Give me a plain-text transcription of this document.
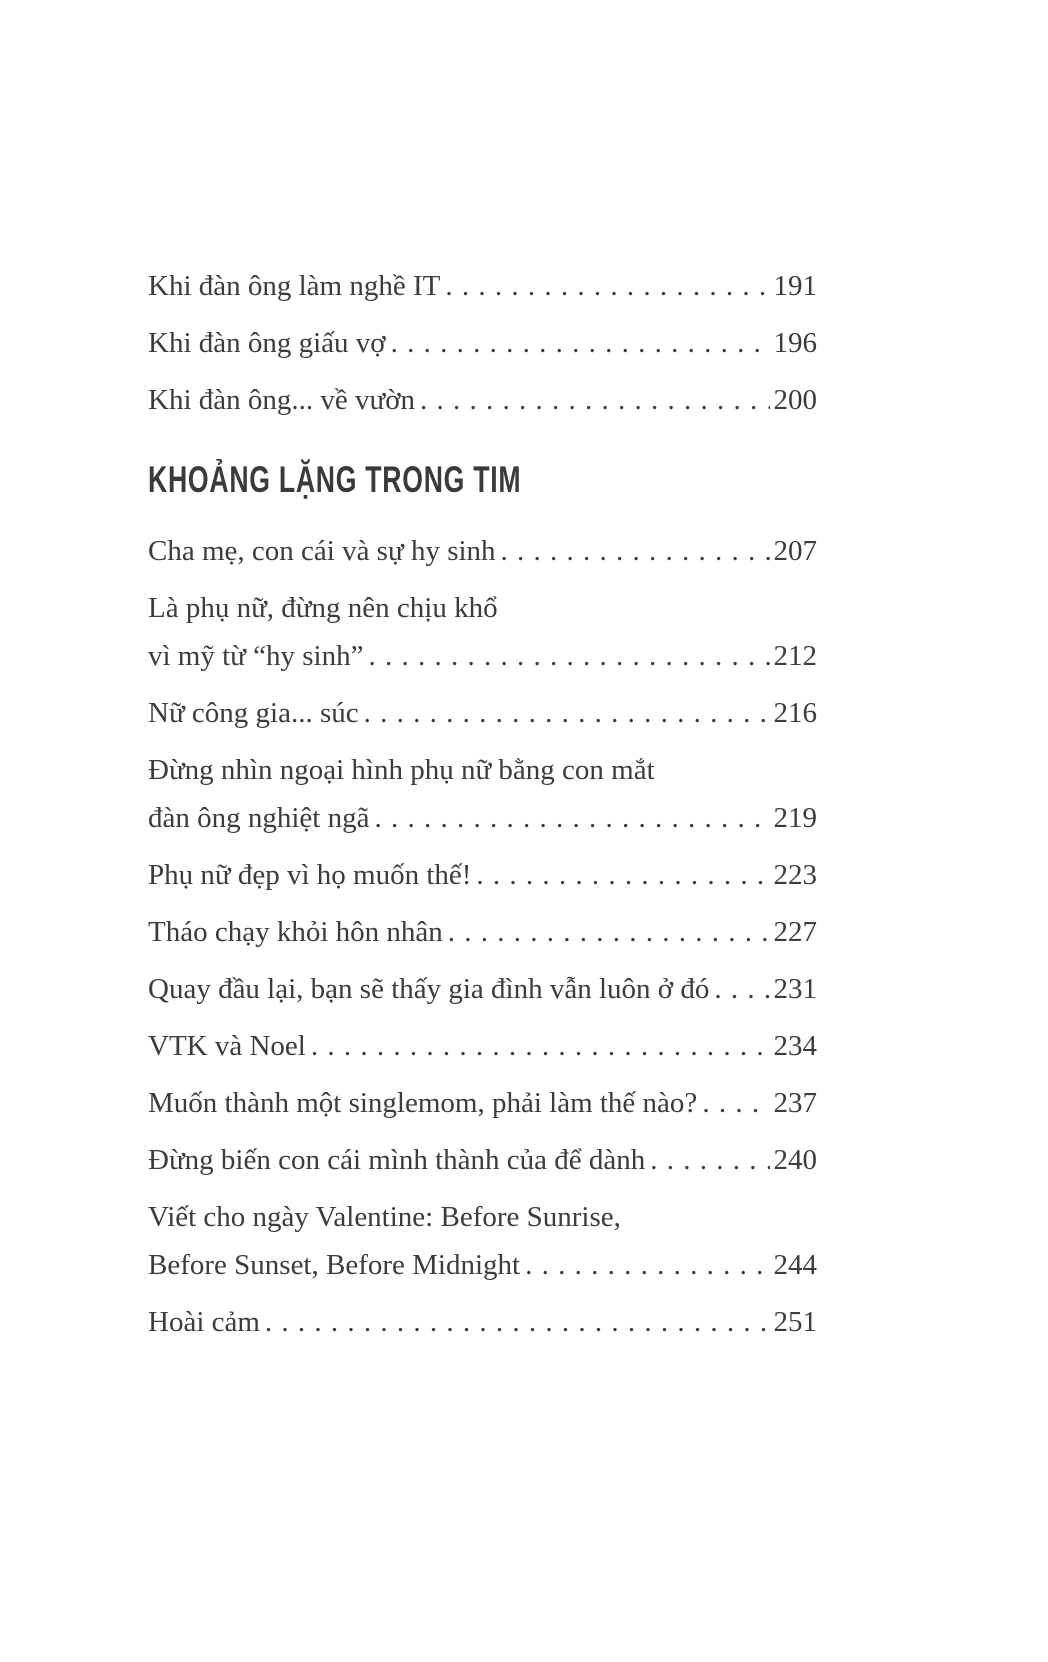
Khi đàn ông làm nghề IT . . .	191
Khi đàn ông giấu vợ . . .	196
Khi đàn ông... về vườn . . .	200
KHOẢNG LẶNG TRONG TIM
Cha mẹ, con cái và sự hy sinh . . .	207
Là phụ nữ, đừng nên chịu khổ
vì mỹ từ “hy sinh” . . .	212
Nữ công gia... súc . . .	216
Đừng nhìn ngoại hình phụ nữ bằng con mắt
đàn ông nghiệt ngã . . .	219
Phụ nữ đẹp vì họ muốn thế! . . .	223
Tháo chạy khỏi hôn nhân . . .	227
Quay đầu lại, bạn sẽ thấy gia đình vẫn luôn ở đó . . . 231
VTK và Noel . . .	234
Muốn thành một singlemom, phải làm thế nào? . . .	237
Đừng biến con cái mình thành của để dành . . .	240
Viết cho ngày Valentine: Before Sunrise,
Before Sunset, Before Midnight . . .	244
Hoài cảm . . .	251
